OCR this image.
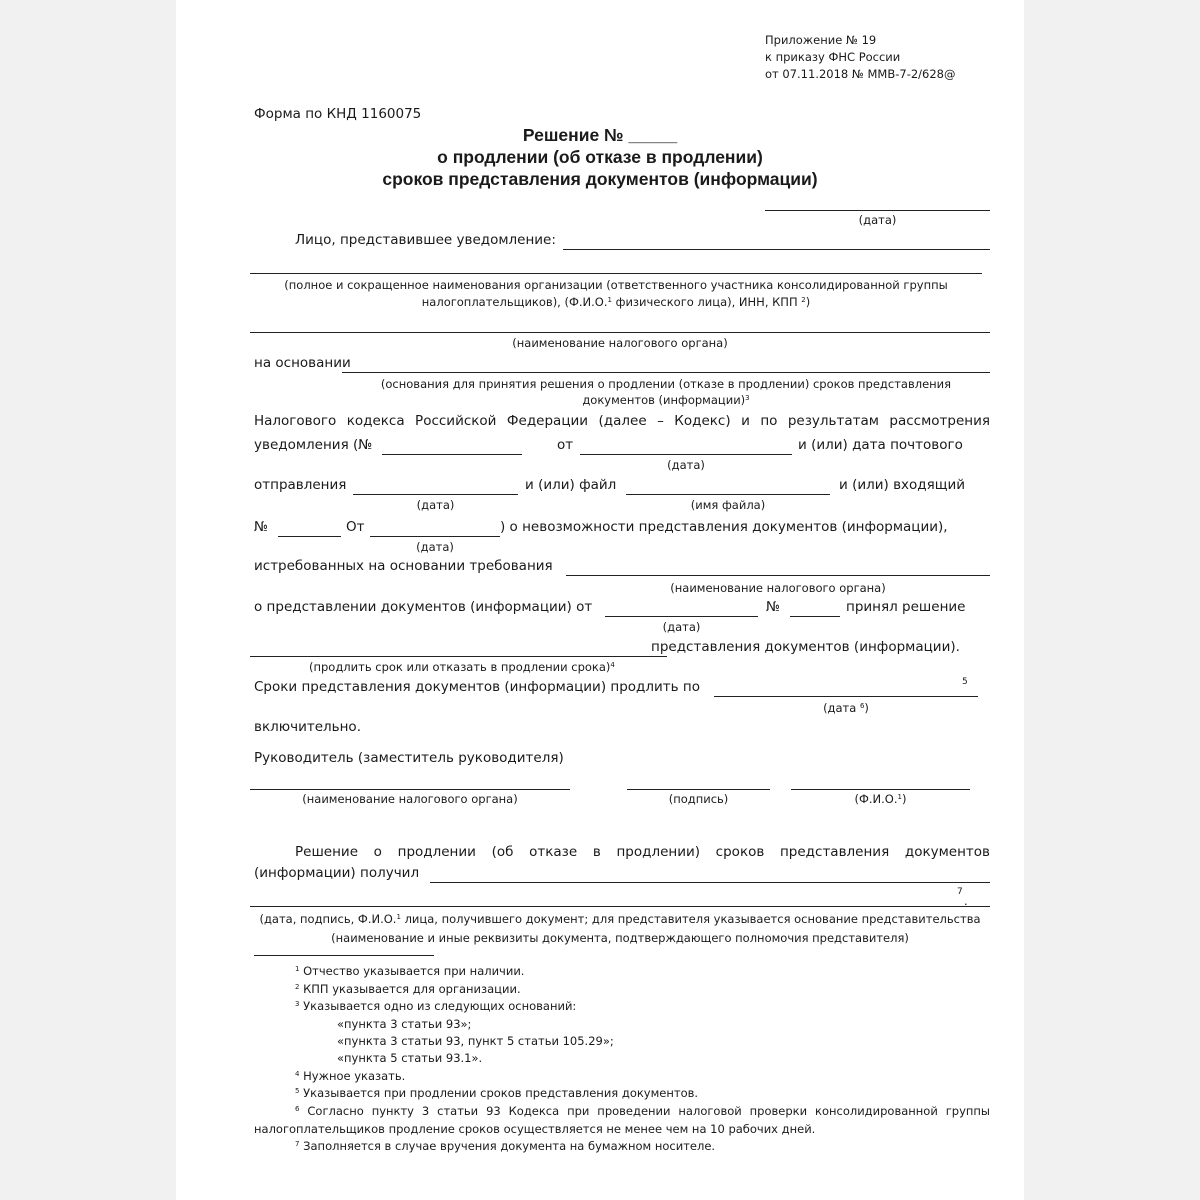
Приложение № 19
к приказу ФНС России
от 07.11.2018 № ММВ-7-2/628@
Форма по КНД 1160075
Решение № _____
о продлении (об отказе в продлении)
сроков представления документов (информации)
(дата)
Лицо, представившее уведомление:
(полное и сокращенное наименования организации (ответственного участника консолидированной группы
налогоплательщиков), (Ф.И.О.$^1$ физического лица), ИНН, КПП $^2$)
(наименование налогового органа)
на основании
(основания для принятия решения о продлении (отказе в продлении) сроков представления
документов (информации)$^3$
Налогового кодекса Российской Федерации (далее – Кодекс) и по результатам рассмотрения
уведомления (№	от
(дата)
и (или) дата почтового
отправления
(дата)
и (или) файл
(имя файла)
и (или) входящий
№	От
(дата)
) о невозможности представления документов (информации),
истребованных на основании требования
(наименование налогового органа)
о представлении документов (информации) от
(дата)
№	принял решение
представления документов (информации).
(продлить срок или отказать в продлении срока)$^4$
Сроки представления документов (информации) продлить по	5
(дата $^6$)
включительно.
Руководитель (заместитель руководителя)
(наименование налогового органа)	(подпись)	(Ф.И.О.$^1$)
Решение о продлении (об отказе в продлении) сроков представления документов
(информации) получил
7
.
(дата, подпись, Ф.И.О.$^1$ лица, получившего документ; для представителя указывается основание представительства
(наименование и иные реквизиты документа, подтверждающего полномочия представителя)
$^1$ Отчество указывается при наличии.
$^2$ КПП указывается для организации.
$^3$ Указывается одно из следующих оснований:
«пункта 3 статьи 93»;
«пункта 3 статьи 93, пункт 5 статьи 105.29»;
«пункта 5 статьи 93.1».
$^4$ Нужное указать.
$^5$ Указывается при продлении сроков представления документов.
$^6$ Согласно пункту 3 статьи 93 Кодекса при проведении налоговой проверки консолидированной группы
налогоплательщиков продление сроков осуществляется не менее чем на 10 рабочих дней.
$^7$ Заполняется в случае вручения документа на бумажном носителе.
